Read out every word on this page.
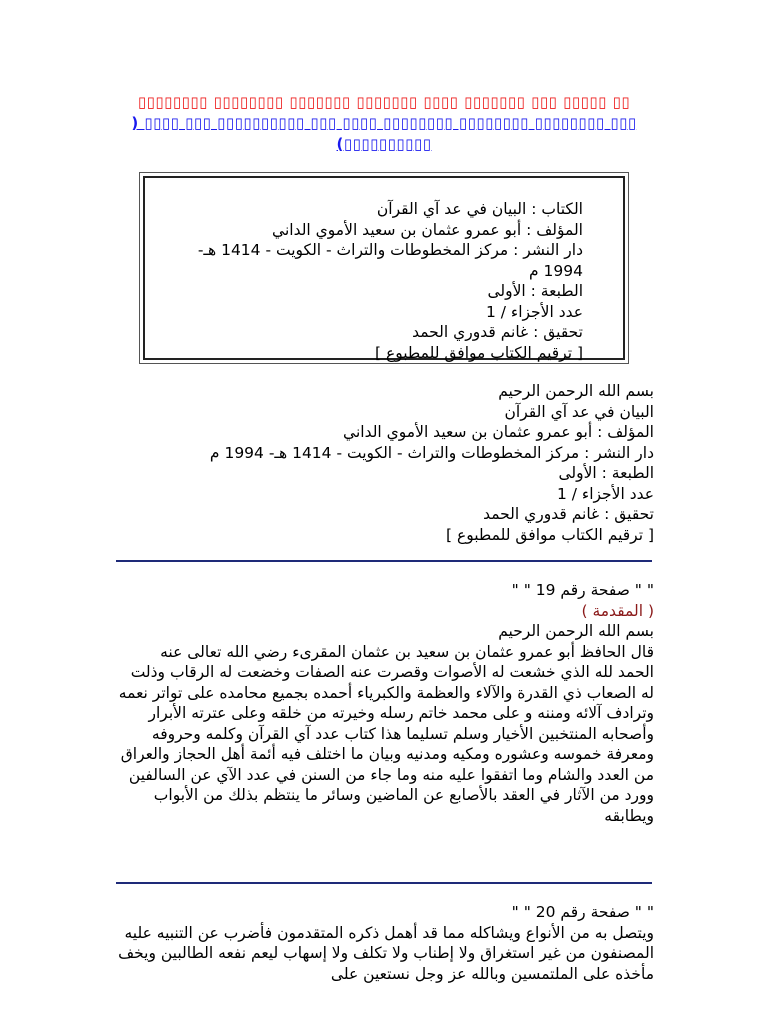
▯▯▯▯▯▯▯▯ ▯▯▯▯▯▯▯▯ ▯▯▯▯▯▯▯ ▯▯▯▯▯▯▯ ▯▯▯▯ ▯▯▯▯▯▯▯ ▯▯▯ ▯▯▯▯▯ ▯▯
) ▯▯▯▯ ▯▯▯ ▯▯▯▯▯▯▯▯▯▯ ▯▯▯ ▯▯▯▯ ▯▯▯▯▯▯▯▯ ▯▯▯▯▯▯▯▯ ▯▯▯▯▯▯▯▯ ▯▯▯
(▯▯▯▯▯▯▯▯▯▯
الكتاب : البيان في عد آي القرآن
المؤلف : أبو عمرو عثمان بن سعيد الأموي الداني
دار النشر : مركز المخطوطات والتراث - الكويت - 1414 هـ- 1994 م
الطبعة : الأولى
عدد الأجزاء / 1
تحقيق : غانم قدوري الحمد
[ ترقيم الكتاب موافق للمطبوع ]
بسم الله الرحمن الرحيم
البيان في عد آي القرآن
المؤلف : أبو عمرو عثمان بن سعيد الأموي الداني
دار النشر : مركز المخطوطات والتراث - الكويت - 1414 هـ- 1994 م
الطبعة : الأولى
عدد الأجزاء / 1
تحقيق : غانم قدوري الحمد
[ ترقيم الكتاب موافق للمطبوع ]
" " صفحة رقم 19 " "
( المقدمة )
بسم الله الرحمن الرحيم
قال الحافظ أبو عمرو عثمان بن سعيد بن عثمان المقرىء رضي الله تعالى عنه
الحمد لله الذي خشعت له الأصوات وقصرت عنه الصفات وخضعت له الرقاب وذلت له الصعاب ذي القدرة والآلاء والعظمة والكبرياء أحمده بجميع محامده على تواتر نعمه وترادف آلائه ومننه و على محمد خاتم رسله وخيرته من خلقه وعلى عترته الأبرار وأصحابه المنتخبين الأخيار وسلم تسليما هذا كتاب عدد آي القرآن وكلمه وحروفه ومعرفة خموسه وعشوره ومكيه ومدنيه وبيان ما اختلف فيه أئمة أهل الحجاز والعراق من العدد والشام وما اتفقوا عليه منه وما جاء من السنن في عدد الآي عن السالفين وورد من الآثار في العقد بالأصابع عن الماضين وسائر ما ينتظم بذلك من الأبواب ويطابقه
" " صفحة رقم 20 " "
ويتصل به من الأنواع ويشاكله مما قد أهمل ذكره المتقدمون فأضرب عن التنبيه عليه المصنفون من غير استغراق ولا إطناب ولا تكلف ولا إسهاب ليعم نفعه الطالبين ويخف مأخذه على الملتمسين وبالله عز وجل نستعين على
